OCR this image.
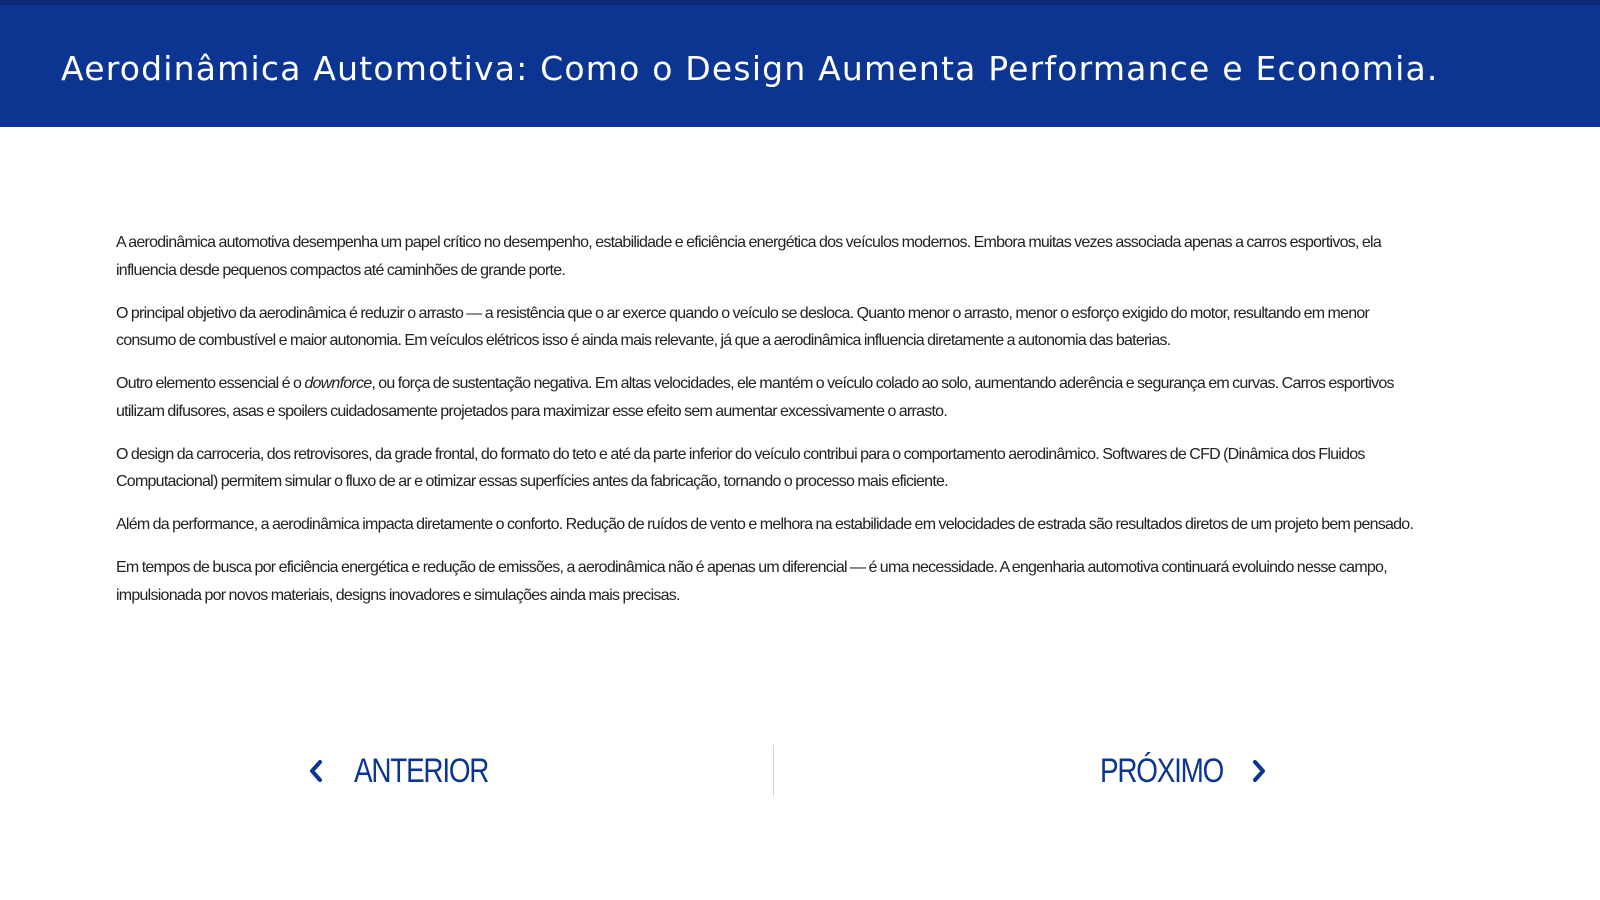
Aerodinâmica Automotiva: Como o Design Aumenta Performance e Economia.

A aerodinâmica automotiva desempenha um papel crítico no desempenho, estabilidade e eficiência energética dos veículos modernos. Embora muitas vezes associada apenas a carros esportivos, ela influencia desde pequenos compactos até caminhões de grande porte.

O principal objetivo da aerodinâmica é reduzir o arrasto — a resistência que o ar exerce quando o veículo se desloca. Quanto menor o arrasto, menor o esforço exigido do motor, resultando em menor consumo de combustível e maior autonomia. Em veículos elétricos isso é ainda mais relevante, já que a aerodinâmica influencia diretamente a autonomia das baterias.

Outro elemento essencial é o downforce, ou força de sustentação negativa. Em altas velocidades, ele mantém o veículo colado ao solo, aumentando aderência e segurança em curvas. Carros esportivos utilizam difusores, asas e spoilers cuidadosamente projetados para maximizar esse efeito sem aumentar excessivamente o arrasto.

O design da carroceria, dos retrovisores, da grade frontal, do formato do teto e até da parte inferior do veículo contribui para o comportamento aerodinâmico. Softwares de CFD (Dinâmica dos Fluidos Computacional) permitem simular o fluxo de ar e otimizar essas superfícies antes da fabricação, tornando o processo mais eficiente.

Além da performance, a aerodinâmica impacta diretamente o conforto. Redução de ruídos de vento e melhora na estabilidade em velocidades de estrada são resultados diretos de um projeto bem pensado.

Em tempos de busca por eficiência energética e redução de emissões, a aerodinâmica não é apenas um diferencial — é uma necessidade. A engenharia automotiva continuará evoluindo nesse campo, impulsionada por novos materiais, designs inovadores e simulações ainda mais precisas.

ANTERIOR	PRÓXIMO
